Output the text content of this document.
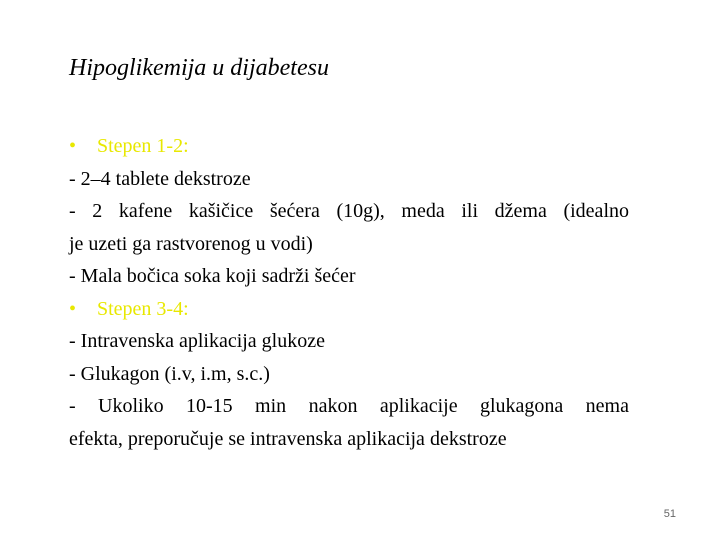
Hipoglikemija u dijabetesu
• Stepen 1-2:
- 2–4 tablete dekstroze
- 2 kafene kašičice šećera (10g), meda ili džema (idealno
je uzeti ga rastvorenog u vodi)
- Mala bočica soka koji sadrži šećer
• Stepen 3-4:
- Intravenska aplikacija glukoze
- Glukagon (i.v, i.m, s.c.)
- Ukoliko 10-15 min nakon aplikacije glukagona nema
efekta, preporučuje se intravenska aplikacija dekstroze
51
